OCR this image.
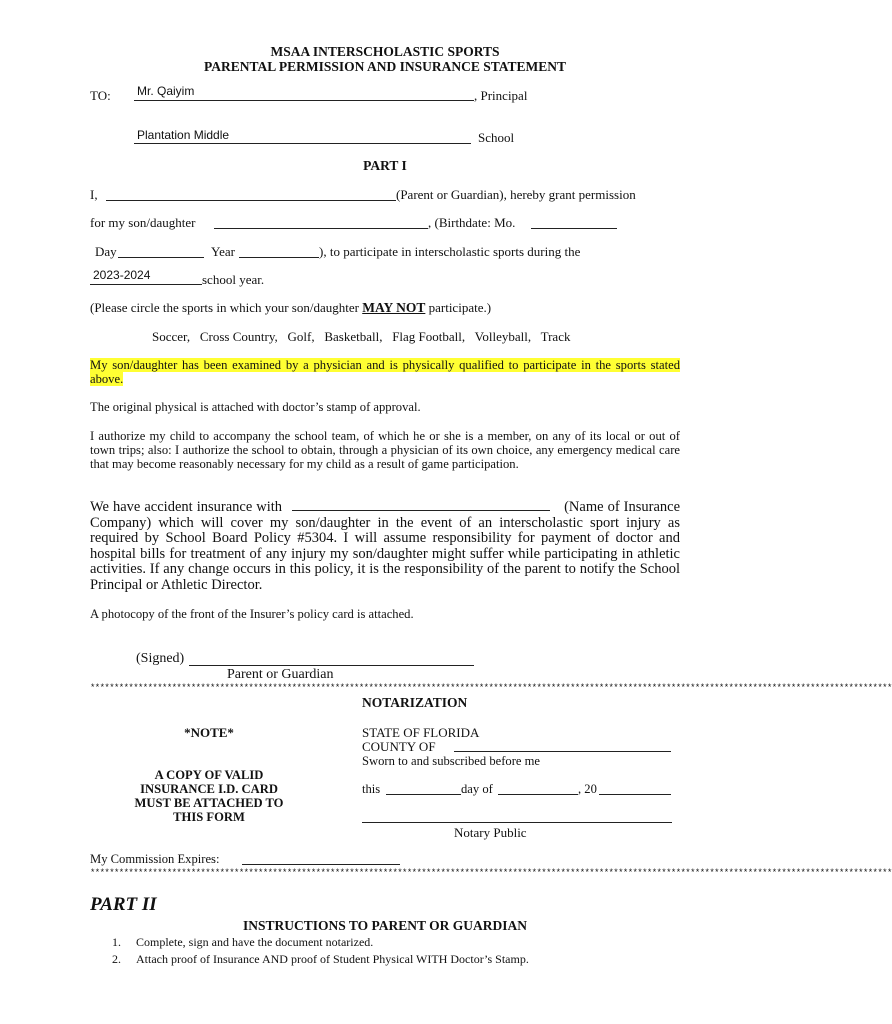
MSAA INTERSCHOLASTIC SPORTS
PARENTAL PERMISSION AND INSURANCE STATEMENT
TO: Mr. Qaiyim	, Principal
Plantation Middle	School
PART I
I,	(Parent or Guardian), hereby grant permission
for my son/daughter	, (Birthdate: Mo.
Day	Year	), to participate in interscholastic sports during the
2023-2024	school year.
(Please circle the sports in which your son/daughter MAY NOT participate.)
Soccer,   Cross Country,   Golf,   Basketball,   Flag Football,   Volleyball,   Track
My son/daughter has been examined by a physician and is physically qualified to participate in the sports stated above.
The original physical is attached with doctor’s stamp of approval.
I authorize my child to accompany the school team, of which he or she is a member, on any of its local or out of town trips; also: I authorize the school to obtain, through a physician of its own choice, any emergency medical care that may become reasonably necessary for my child as a result of game participation.
We have accident insurance with	(Name of Insurance Company) which will cover my son/daughter in the event of an interscholastic sport injury as required by School Board Policy #5304. I will assume responsibility for payment of doctor and hospital bills for treatment of any injury my son/daughter might suffer while participating in athletic activities. If any change occurs in this policy, it is the responsibility of the parent to notify the School Principal or Athletic Director.
A photocopy of the front of the Insurer’s policy card is attached.
(Signed)
Parent or Guardian
***********************************************************************************************************************************************************************
NOTARIZATION
STATE OF FLORIDA
COUNTY OF
Sworn to and subscribed before me
this	day of	, 20
Notary Public
*NOTE*
A COPY OF VALID
INSURANCE I.D. CARD
MUST BE ATTACHED TO
THIS FORM
My Commission Expires:
***********************************************************************************************************************************************************************
PART II
INSTRUCTIONS TO PARENT OR GUARDIAN
1. Complete, sign and have the document notarized.
2. Attach proof of Insurance AND proof of Student Physical WITH Doctor’s Stamp.
